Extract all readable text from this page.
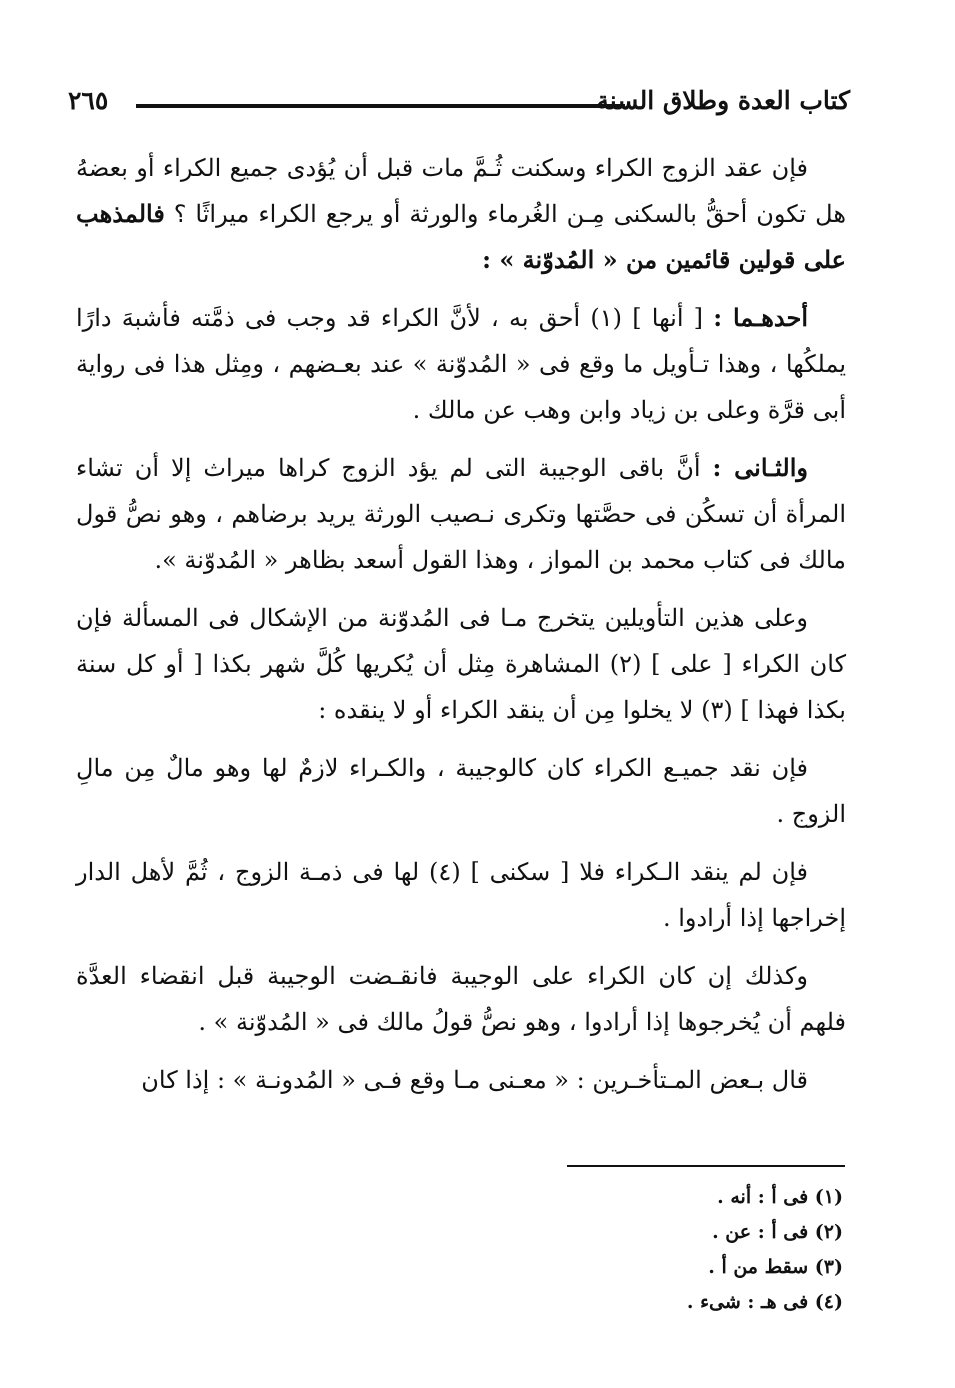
كتاب العدة وطلاق السنة
٢٦٥

فإن عقد الزوج الكراء وسكنت ثُـمَّ مات قبل أن يُؤدى جميع الكراء أو بعضهُ هل تكون أحقُّ بالسكنى مِـن الغُرماء والورثة أو يرجع الكراء ميراثًا ؟ فالمذهب على قولين قائمين من « المُدوّنة » :

أحدهـما : [ أنها ] (١) أحق به ، لأنَّ الكراء قد وجب فى ذمَّته فأشبهَ دارًا يملكُها ، وهذا تـأويل ما وقع فى « المُدوّنة » عند بعـضهم ، ومِثل هذا فى رواية أبى قرَّة وعلى بن زياد وابن وهب عن مالك .

والثـانى : أنَّ باقى الوجيبة التى لم يؤد الزوج كراها ميراث إلا أن تشاء المرأة أن تسكُن فى حصَّتها وتكرى نـصيب الورثة يريد برضاهم ، وهو نصُّ قول مالك فى كتاب محمد بن المواز ، وهذا القول أسعد بظاهر « المُدوّنة ».

وعلى هذين التأويلين يتخرج مـا فى المُدوّنة من الإشكال فى المسألة فإن كان الكراء [ على ] (٢) المشاهرة مِثل أن يُكريها كُلَّ شهر بكذا [ أو كل سنة بكذا فهذا ] (٣) لا يخلوا مِن أن ينقد الكراء أو لا ينقده :

فإن نقد جميـع الكراء كان كالوجيبة ، والكـراء لازمٌ لها وهو مالٌ مِن مالِ الزوج .

فإن لم ينقد الـكراء فلا [ سكنى ] (٤) لها فى ذمـة الزوج ، ثُمَّ لأهل الدار إخراجها إذا أرادوا .

وكذلك إن كان الكراء على الوجيبة فانقـضت الوجيبة قبل انقضاء العدَّة فلهم أن يُخرجوها إذا أرادوا ، وهو نصُّ قولُ مالك فى « المُدوّنة » .

قال بـعض المـتأخـرين : « معـنى مـا وقع فـى « المُدونـة » : إذا كان

(١) فى أ : أنه .
(٢) فى أ : عن .
(٣) سقط من أ .
(٤) فى هـ : شىء .
